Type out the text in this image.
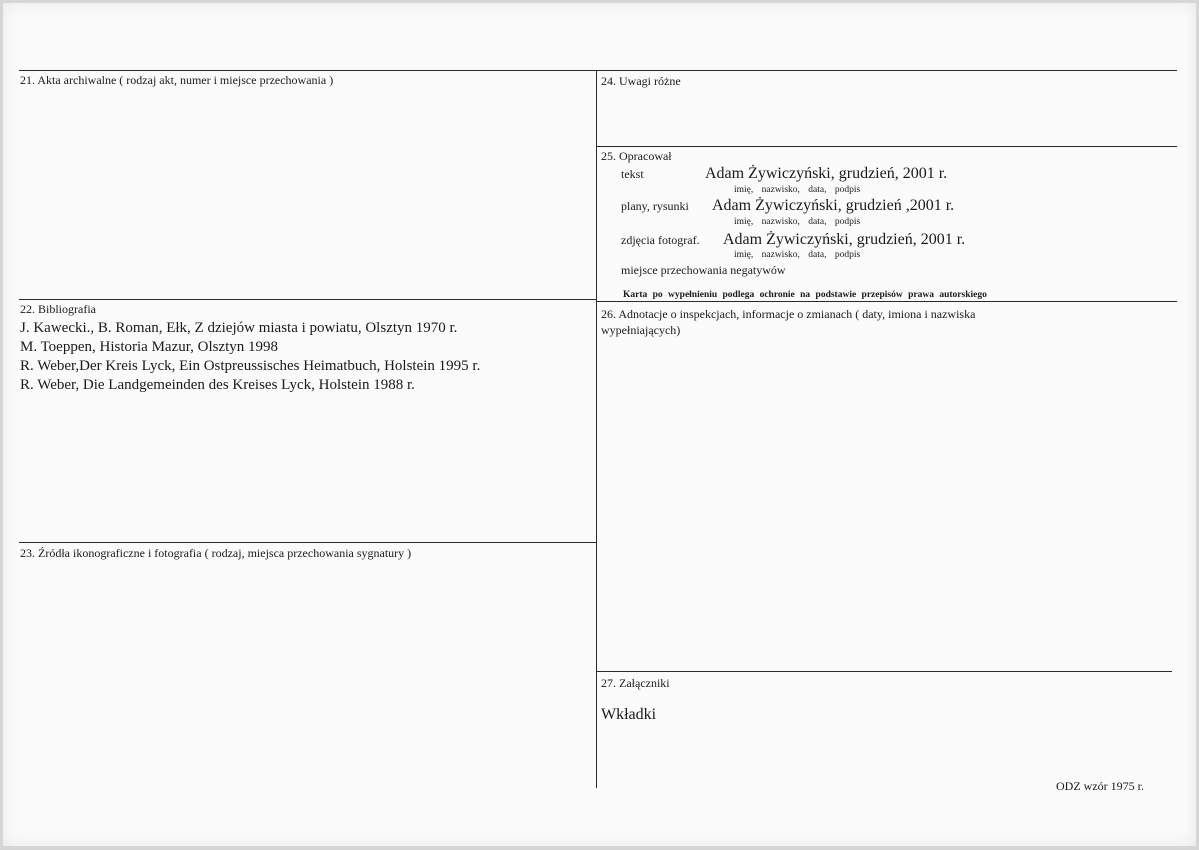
21. Akta archiwalne ( rodzaj akt, numer i miejsce przechowania )
22. Bibliografia
J. Kawecki., B. Roman, Ełk, Z dziejów miasta i powiatu, Olsztyn 1970 r.
M. Toeppen, Historia Mazur, Olsztyn 1998
R. Weber,Der Kreis Lyck, Ein Ostpreussisches Heimatbuch, Holstein 1995 r.
R. Weber, Die Landgemeinden des Kreises Lyck, Holstein 1988 r.
23. Źródła ikonograficzne i fotografia ( rodzaj, miejsca przechowania sygnatury )
24. Uwagi różne
25. Opracował
tekst	Adam Żywiczyński, grudzień, 2001 r.
imię, nazwisko, data, podpis
plany, rysunki Adam Żywiczyński, grudzień ,2001 r.
imię, nazwisko, data, podpis
zdjęcia fotograf. Adam Żywiczyński, grudzień, 2001 r.
imię, nazwisko, data, podpis
miejsce przechowania negatywów
Karta po wypełnieniu podlega ochronie na podstawie przepisów prawa autorskiego
26. Adnotacje o inspekcjach, informacje o zmianach ( daty, imiona i nazwiska
wypełniających)
27. Załączniki
Wkładki
ODZ wzór 1975 r.
